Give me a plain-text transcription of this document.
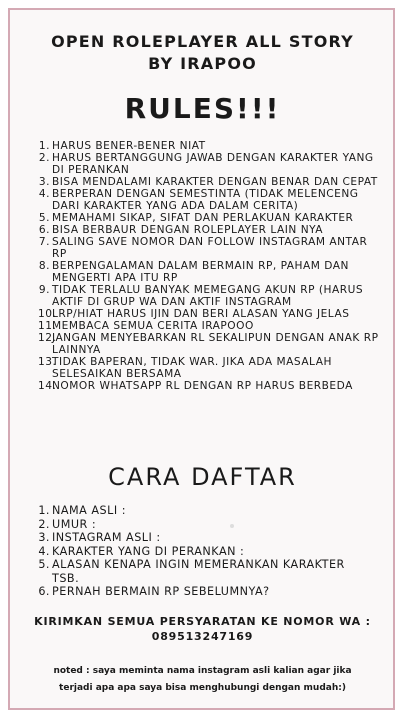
OPEN ROLEPLAYER ALL STORY
BY IRAPOO
RULES!!!
1. HARUS BENER-BENER NIAT
2. HARUS BERTANGGUNG JAWAB DENGAN KARAKTER YANG DI PERANKAN
3. BISA MENDALAMI KARAKTER DENGAN BENAR DAN CEPAT
4. BERPERAN DENGAN SEMESTINTA (TIDAK MELENCENG DARI KARAKTER YANG ADA DALAM CERITA)
5. MEMAHAMI SIKAP, SIFAT DAN PERLAKUAN KARAKTER
6. BISA BERBAUR DENGAN ROLEPLAYER LAIN NYA
7. SALING SAVE NOMOR DAN FOLLOW INSTAGRAM ANTAR RP
8. BERPENGALAMAN DALAM BERMAIN RP, PAHAM DAN MENGERTI APA ITU RP
9. TIDAK TERLALU BANYAK MEMEGANG AKUN RP (HARUS AKTIF DI GRUP WA DAN AKTIF INSTAGRAM
10.
LRP/HIAT HARUS IJIN DAN BERI ALASAN YANG JELAS
11.
MEMBACA SEMUA CERITA IRAPOOO
12.
JANGAN MENYEBARKAN RL SEKALIPUN DENGAN ANAK RP LAINNYA
13.
TIDAK BAPERAN, TIDAK WAR. JIKA ADA MASALAH SELESAIKAN BERSAMA
14.
NOMOR WHATSAPP RL DENGAN RP HARUS BERBEDA
CARA DAFTAR
1. NAMA ASLI :
2. UMUR :
3. INSTAGRAM ASLI :
4. KARAKTER YANG DI PERANKAN :
5. ALASAN KENAPA INGIN MEMERANKAN KARAKTER TSB.
6. PERNAH BERMAIN RP SEBELUMNYA?
KIRIMKAN SEMUA PERSYARATAN KE NOMOR WA :
089513247169
noted : saya meminta nama instagram asli kalian agar jika
terjadi apa apa saya bisa menghubungi dengan mudah:)
